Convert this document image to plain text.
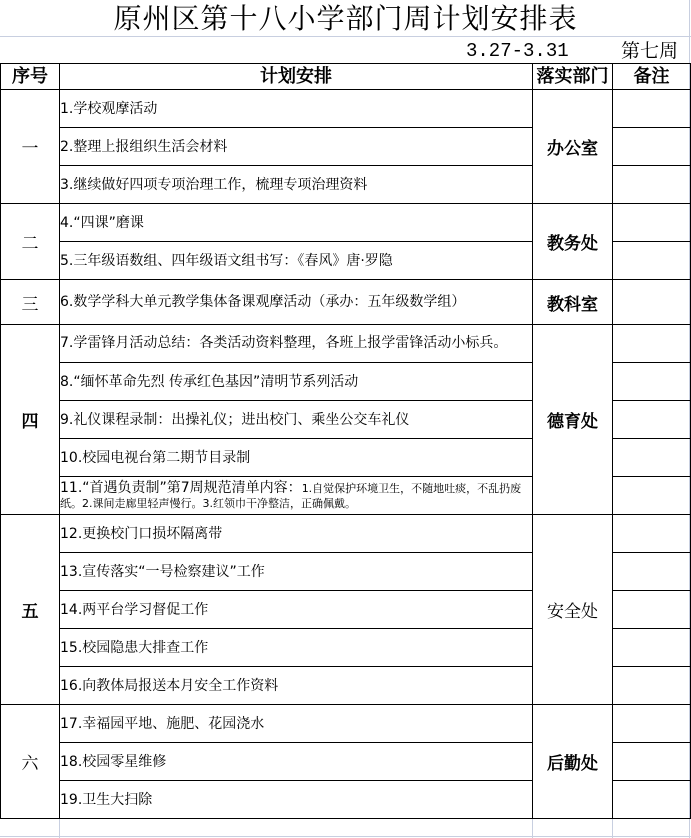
原州区第十八小学部门周计划安排表
3.27-3.31	第七周
序号	计划安排	落实部门	备注
一	1.学校观摩活动	办公室	
	2.整理上报组织生活会材料		
	3.继续做好四项专项治理工作，梳理专项治理资料		
二	4.“四课”磨课	教务处	
	5.三年级语数组、四年级语文组书写：《春风》唐·罗隐		
三	6.数学学科大单元教学集体备课观摩活动（承办：五年级数学组）	教科室	
四	7.学雷锋月活动总结：各类活动资料整理，各班上报学雷锋活动小标兵。	德育处	
	8.“缅怀革命先烈 传承红色基因”清明节系列活动		
	9.礼仪课程录制：出操礼仪；进出校门、乘坐公交车礼仪		
	10.校园电视台第二期节目录制		
	11.“首遇负责制”第7周规范清单内容：1.自觉保护环境卫生，不随地吐痰，不乱扔废纸。2.课间走廊里轻声慢行。3.红领巾干净整洁，正确佩戴。		
五	12.更换校门口损坏隔离带	安全处	
	13.宣传落实“一号检察建议”工作		
	14.两平台学习督促工作		
	15.校园隐患大排查工作		
	16.向教体局报送本月安全工作资料		
六	17.幸福园平地、施肥、花园浇水	后勤处	
	18.校园零星维修		
	19.卫生大扫除		
